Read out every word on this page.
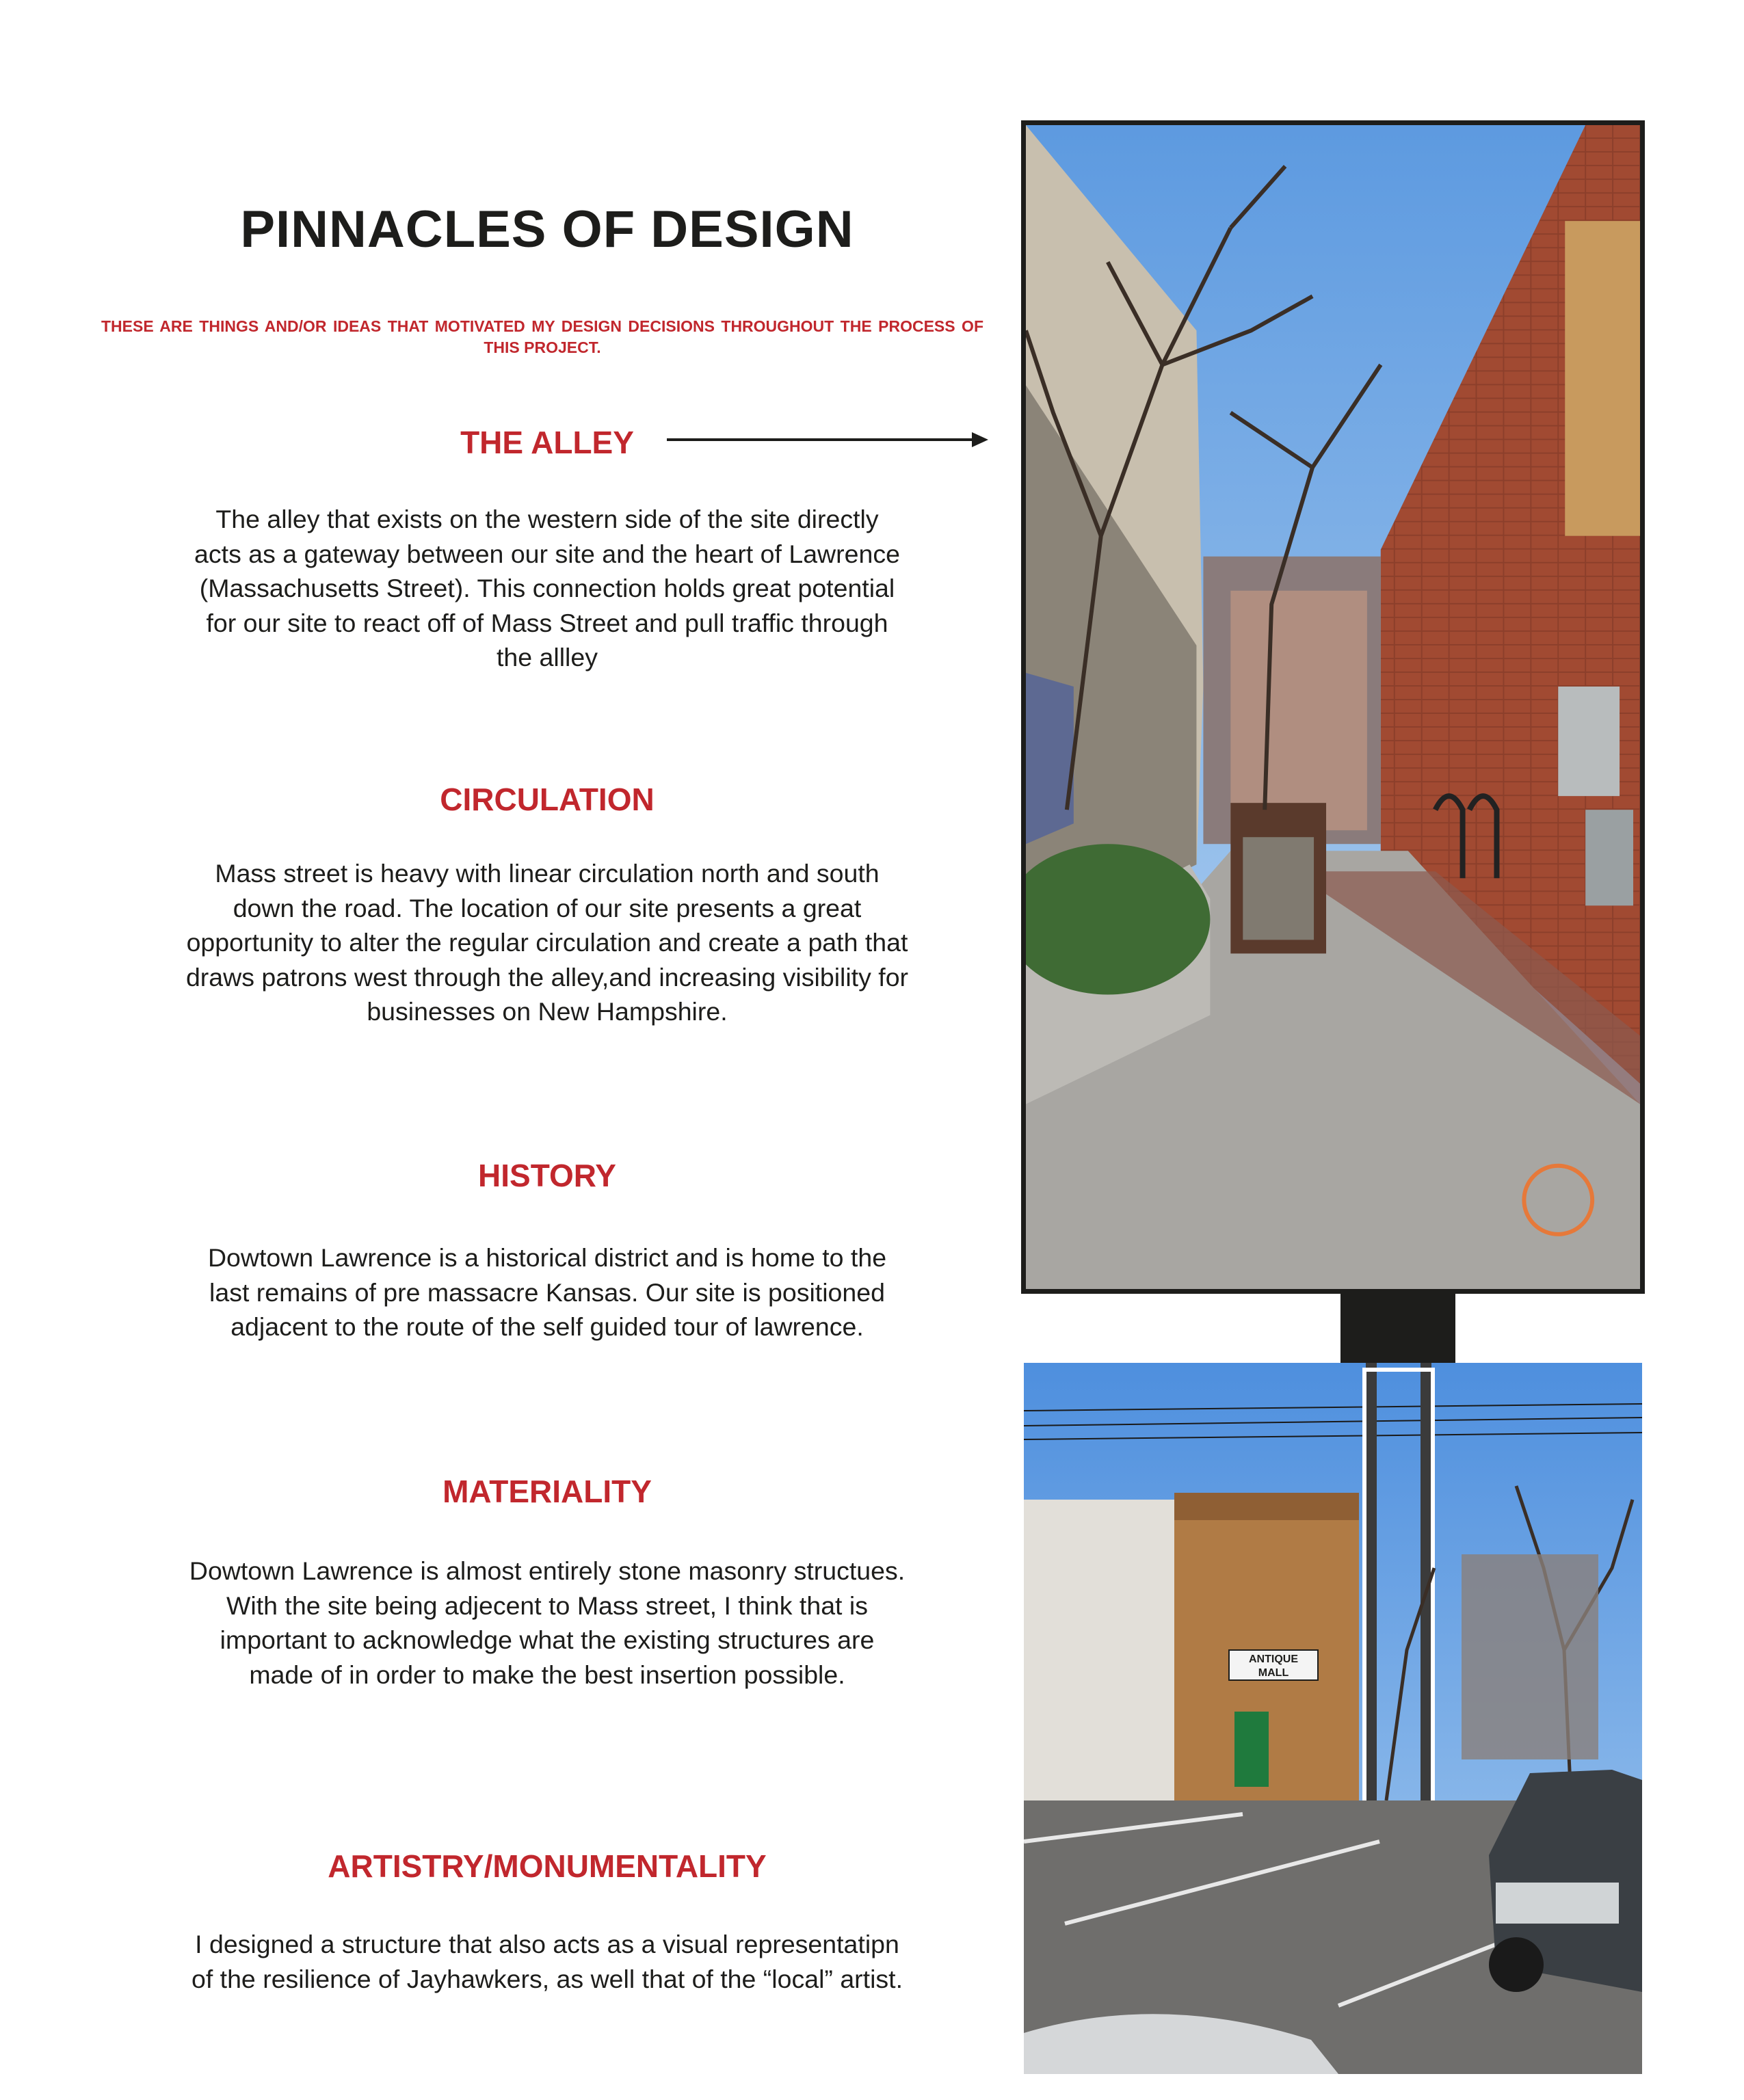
PINNACLES OF DESIGN
THESE ARE THINGS AND/OR IDEAS THAT MOTIVATED MY DESIGN DECISIONS THROUGHOUT THE PROCESS OF THIS PROJECT.
THE ALLEY
The alley that exists on the western side of the site directly
acts as a gateway between our site and the heart of Lawrence
(Massachusetts Street). This connection holds great potential
for our site to react off of Mass Street and pull traffic through
the allley
CIRCULATION
Mass street is heavy with linear circulation north and south
down the road. The location of our site presents a great
opportunity to alter the regular circulation and create a path that
draws patrons west through the alley,and increasing visibility for
businesses on New Hampshire.
HISTORY
Dowtown Lawrence is a historical district and is home to the
last remains of pre massacre Kansas. Our site is positioned
adjacent to the route of the self guided tour of lawrence.
MATERIALITY
Dowtown Lawrence is almost entirely stone masonry structues.
With the site being adjecent to Mass street, I think that is
important to acknowledge what the existing structures are
made of in order to make the best insertion possible.
ARTISTRY/MONUMENTALITY
I designed a structure that also acts as a visual representatipn
of the resilience of Jayhawkers, as well that of the “local” artist.
ANTIQUE
MALL
